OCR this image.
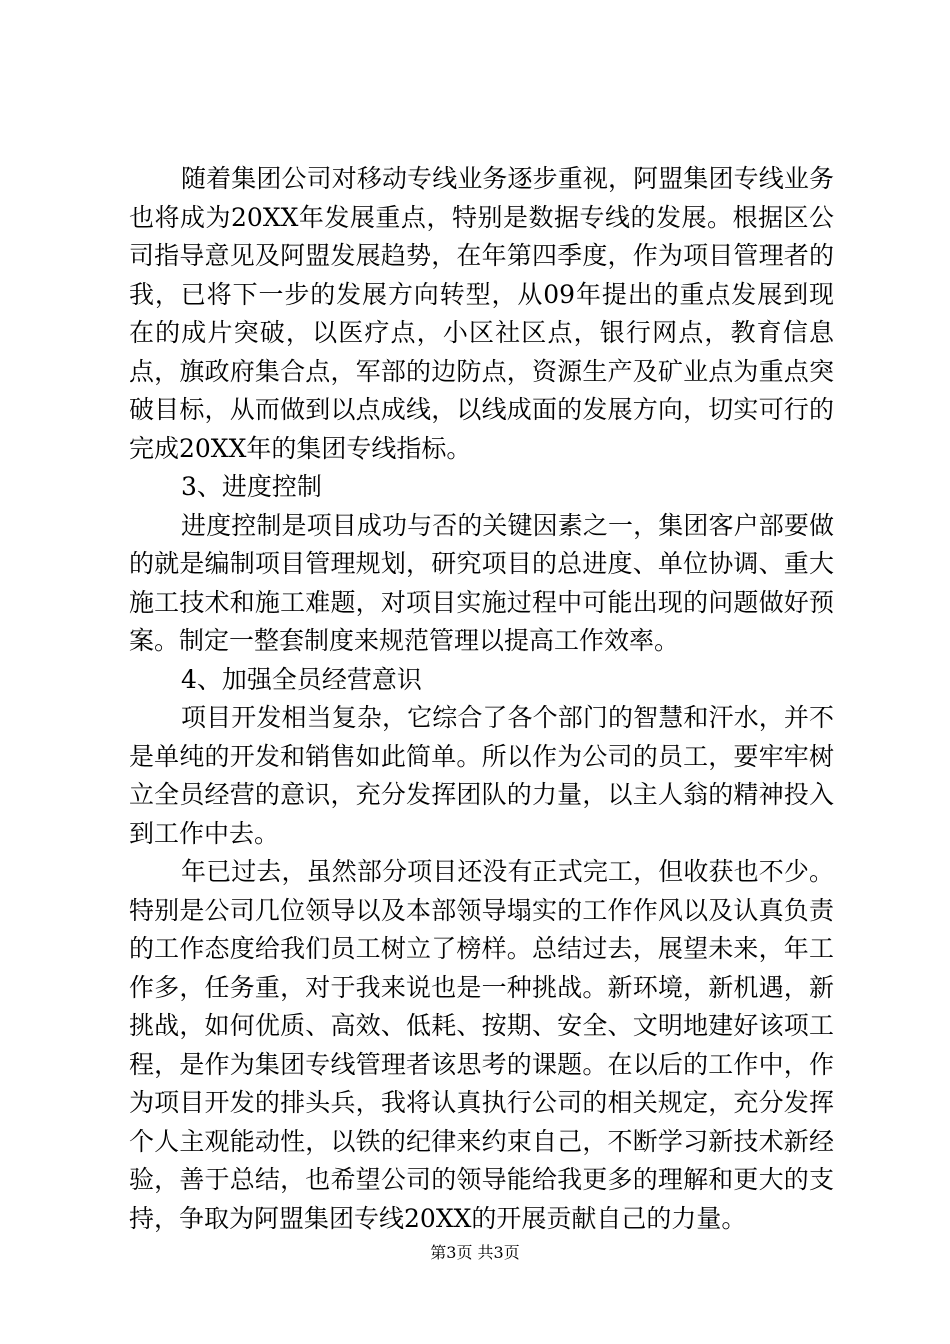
随着集团公司对移动专线业务逐步重视，阿盟集团专线业务也将成为20XX年发展重点，特别是数据专线的发展。根据区公司指导意见及阿盟发展趋势，在年第四季度，作为项目管理者的我，已将下一步的发展方向转型，从09年提出的重点发展到现在的成片突破，以医疗点，小区社区点，银行网点，教育信息点，旗政府集合点，军部的边防点，资源生产及矿业点为重点突破目标，从而做到以点成线，以线成面的发展方向，切实可行的完成20XX年的集团专线指标。

3、进度控制

进度控制是项目成功与否的关键因素之一，集团客户部要做的就是编制项目管理规划，研究项目的总进度、单位协调、重大施工技术和施工难题，对项目实施过程中可能出现的问题做好预案。制定一整套制度来规范管理以提高工作效率。

4、加强全员经营意识

项目开发相当复杂，它综合了各个部门的智慧和汗水，并不是单纯的开发和销售如此简单。所以作为公司的员工，要牢牢树立全员经营的意识，充分发挥团队的力量，以主人翁的精神投入到工作中去。

年已过去，虽然部分项目还没有正式完工，但收获也不少。特别是公司几位领导以及本部领导塌实的工作作风以及认真负责的工作态度给我们员工树立了榜样。总结过去，展望未来，年工作多，任务重，对于我来说也是一种挑战。新环境，新机遇，新挑战，如何优质、高效、低耗、按期、安全、文明地建好该项工程，是作为集团专线管理者该思考的课题。在以后的工作中，作为项目开发的排头兵，我将认真执行公司的相关规定，充分发挥个人主观能动性，以铁的纪律来约束自己，不断学习新技术新经验，善于总结，也希望公司的领导能给我更多的理解和更大的支持，争取为阿盟集团专线20XX的开展贡献自己的力量。

第3页 共3页
